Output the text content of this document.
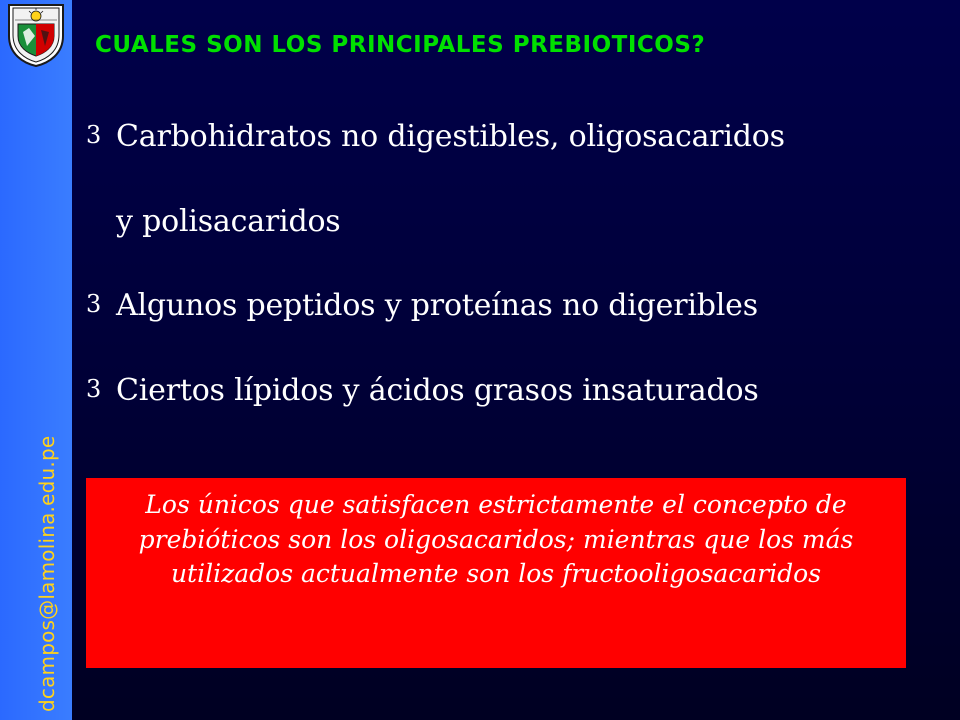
dcampos@lamolina.edu.pe
CUALES SON LOS PRINCIPALES PREBIOTICOS?
3 Carbohidratos no digestibles, oligosacaridos
y polisacaridos
3 Algunos peptidos y proteínas no digeribles
3 Ciertos lípidos y ácidos grasos insaturados

Los únicos que satisfacen estrictamente el concepto de prebióticos son los oligosacaridos; mientras que los más utilizados actualmente son los fructooligosacaridos
